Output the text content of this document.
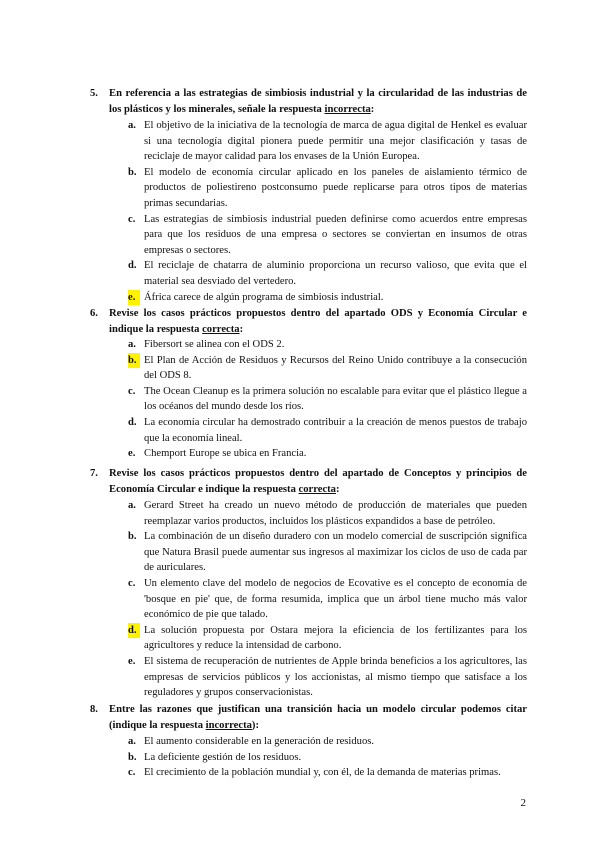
5. En referencia a las estrategias de simbiosis industrial y la circularidad de las industrias de los plásticos y los minerales, señale la respuesta incorrecta:
a. El objetivo de la iniciativa de la tecnología de marca de agua digital de Henkel es evaluar si una tecnología digital pionera puede permitir una mejor clasificación y tasas de reciclaje de mayor calidad para los envases de la Unión Europea.
b. El modelo de economía circular aplicado en los paneles de aislamiento térmico de productos de poliestireno postconsumo puede replicarse para otros tipos de materias primas secundarias.
c. Las estrategias de simbiosis industrial pueden definirse como acuerdos entre empresas para que los residuos de una empresa o sectores se conviertan en insumos de otras empresas o sectores.
d. El reciclaje de chatarra de aluminio proporciona un recurso valioso, que evita que el material sea desviado del vertedero.
e. África carece de algún programa de simbiosis industrial.
6. Revise los casos prácticos propuestos dentro del apartado ODS y Economía Circular e indique la respuesta correcta:
a. Fibersort se alinea con el ODS 2.
b. El Plan de Acción de Residuos y Recursos del Reino Unido contribuye a la consecución del ODS 8.
c. The Ocean Cleanup es la primera solución no escalable para evitar que el plástico llegue a los océanos del mundo desde los ríos.
d. La economía circular ha demostrado contribuir a la creación de menos puestos de trabajo que la economía lineal.
e. Chemport Europe se ubica en Francia.
7. Revise los casos prácticos propuestos dentro del apartado de Conceptos y principios de Economía Circular e indique la respuesta correcta:
a. Gerard Street ha creado un nuevo método de producción de materiales que pueden reemplazar varios productos, incluidos los plásticos expandidos a base de petróleo.
b. La combinación de un diseño duradero con un modelo comercial de suscripción significa que Natura Brasil puede aumentar sus ingresos al maximizar los ciclos de uso de cada par de auriculares.
c. Un elemento clave del modelo de negocios de Ecovative es el concepto de economía de 'bosque en pie' que, de forma resumida, implica que un árbol tiene mucho más valor económico de pie que talado.
d. La solución propuesta por Ostara mejora la eficiencia de los fertilizantes para los agricultores y reduce la intensidad de carbono.
e. El sistema de recuperación de nutrientes de Apple brinda beneficios a los agricultores, las empresas de servicios públicos y los accionistas, al mismo tiempo que satisface a los reguladores y grupos conservacionistas.
8. Entre las razones que justifican una transición hacia un modelo circular podemos citar (indique la respuesta incorrecta):
a. El aumento considerable en la generación de residuos.
b. La deficiente gestión de los residuos.
c. El crecimiento de la población mundial y, con él, de la demanda de materias primas.
2
